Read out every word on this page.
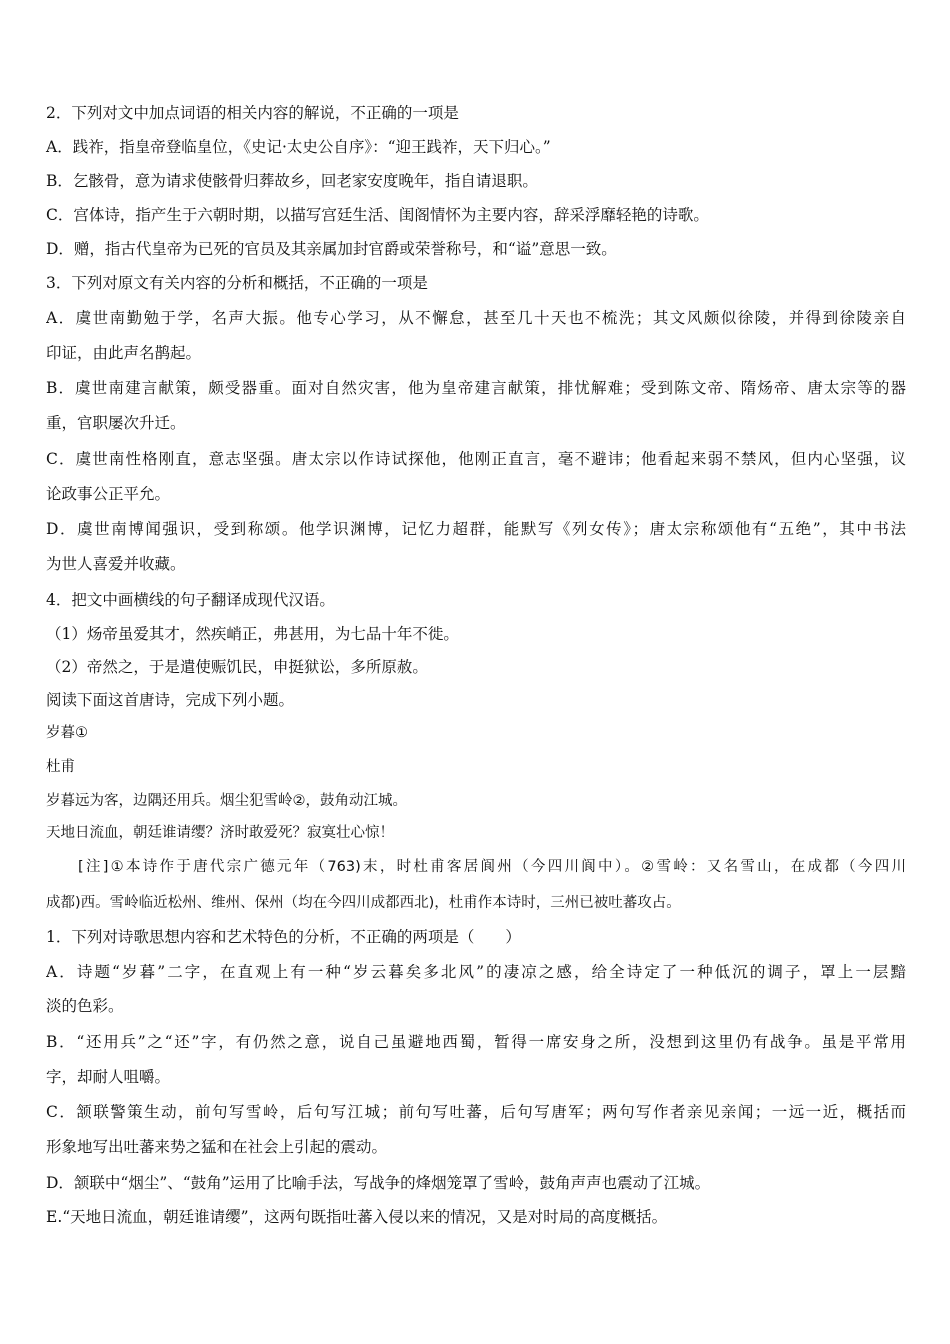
2．下列对文中加点词语的相关内容的解说，不正确的一项是
A．践祚，指皇帝登临皇位，《史记·太史公自序》：“迎王践祚，天下归心。”
B．乞骸骨，意为请求使骸骨归葬故乡，回老家安度晚年，指自请退职。
C．宫体诗，指产生于六朝时期，以描写宫廷生活、闺阁情怀为主要内容，辞采浮靡轻艳的诗歌。
D．赠，指古代皇帝为已死的官员及其亲属加封官爵或荣誉称号，和“谥”意思一致。
3．下列对原文有关内容的分析和概括，不正确的一项是
A．虞世南勤勉于学，名声大振。他专心学习，从不懈怠，甚至几十天也不梳洗；其文风颇似徐陵，并得到徐陵亲自
印证，由此声名鹊起。
B．虞世南建言献策，颇受器重。面对自然灾害，他为皇帝建言献策，排忧解难；受到陈文帝、隋炀帝、唐太宗等的器
重，官职屡次升迁。
C．虞世南性格刚直，意志坚强。唐太宗以作诗试探他，他刚正直言，毫不避讳；他看起来弱不禁风，但内心坚强，议
论政事公正平允。
D．虞世南博闻强识，受到称颂。他学识渊博，记忆力超群，能默写《列女传》；唐太宗称颂他有“五绝”，其中书法
为世人喜爱并收藏。
4．把文中画横线的句子翻译成现代汉语。
（1）炀帝虽爱其才，然疾峭正，弗甚用，为七品十年不徙。
（2）帝然之，于是遣使赈饥民，申挺狱讼，多所原赦。
阅读下面这首唐诗，完成下列小题。
岁暮①
杜甫
岁暮远为客，边隅还用兵。烟尘犯雪岭②，鼓角动江城。
天地日流血，朝廷谁请缨？济时敢爱死？寂寞壮心惊！
[注]①本诗作于唐代宗广德元年（763)末，时杜甫客居阆州（今四川阆中）。②雪岭：又名雪山，在成都（今四川
成都)西。雪岭临近松州、维州、保州（均在今四川成都西北)，杜甫作本诗时，三州已被吐蕃攻占。
1．下列对诗歌思想内容和艺术特色的分析，不正确的两项是（　　）
A．诗题“岁暮”二字，在直观上有一种“岁云暮矣多北风”的凄凉之感，给全诗定了一种低沉的调子，罩上一层黯
淡的色彩。
B．“还用兵”之“还”字，有仍然之意，说自己虽避地西蜀，暂得一席安身之所，没想到这里仍有战争。虽是平常用
字，却耐人咀嚼。
C．颔联警策生动，前句写雪岭，后句写江城；前句写吐蕃，后句写唐军；两句写作者亲见亲闻；一远一近，概括而
形象地写出吐蕃来势之猛和在社会上引起的震动。
D．颔联中“烟尘”、“鼓角”运用了比喻手法，写战争的烽烟笼罩了雪岭，鼓角声声也震动了江城。
E.“天地日流血，朝廷谁请缨”，这两句既指吐蕃入侵以来的情况，又是对时局的高度概括。
